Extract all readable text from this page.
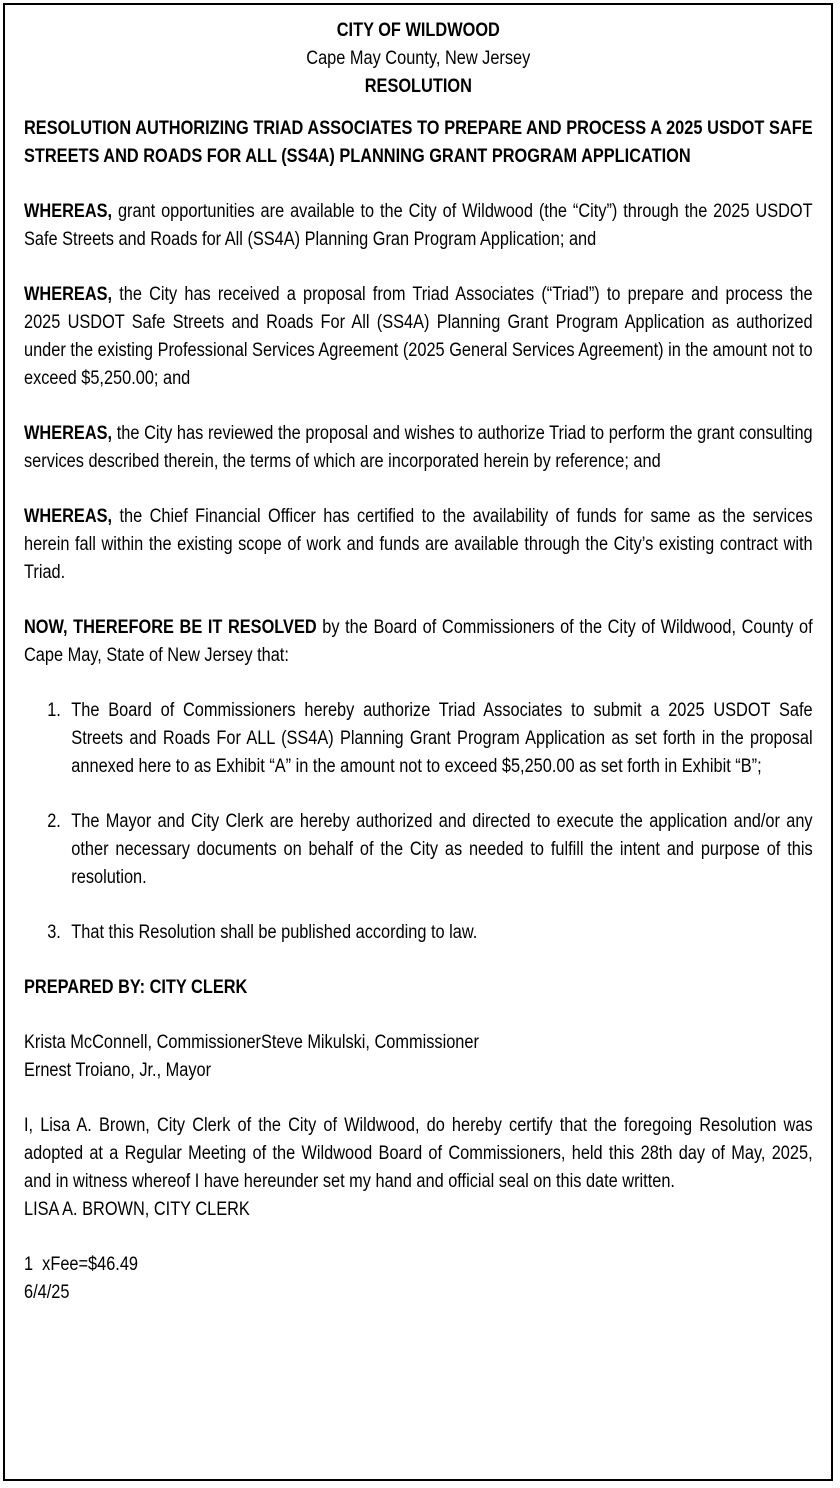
CITY OF WILDWOOD

Cape May County, New Jersey

RESOLUTION

RESOLUTION AUTHORIZING TRIAD ASSOCIATES TO PREPARE AND PROCESS A 2025 USDOT SAFE STREETS AND ROADS FOR ALL (SS4A) PLANNING GRANT PROGRAM APPLICATION

WHEREAS, grant opportunities are available to the City of Wildwood (the “City”) through the 2025 USDOT Safe Streets and Roads for All (SS4A) Planning Gran Program Application; and

WHEREAS, the City has received a proposal from Triad Associates (“Triad”) to prepare and process the 2025 USDOT Safe Streets and Roads For All (SS4A) Planning Grant Program Application as authorized under the existing Professional Services Agreement (2025 General Services Agreement) in the amount not to exceed $5,250.00; and

WHEREAS, the City has reviewed the proposal and wishes to authorize Triad to perform the grant consulting services described therein, the terms of which are incorporated herein by reference; and

WHEREAS, the Chief Financial Officer has certified to the availability of funds for same as the services herein fall within the existing scope of work and funds are available through the City’s existing contract with Triad.

NOW, THEREFORE BE IT RESOLVED by the Board of Commissioners of the City of Wildwood, County of Cape May, State of New Jersey that:

1. The Board of Commissioners hereby authorize Triad Associates to submit a 2025 USDOT Safe Streets and Roads For ALL (SS4A) Planning Grant Program Application as set forth in the proposal annexed here to as Exhibit “A” in the amount not to exceed $5,250.00 as set forth in Exhibit “B”;
2. The Mayor and City Clerk are hereby authorized and directed to execute the application and/or any other necessary documents on behalf of the City as needed to fulfill the intent and purpose of this resolution.
3. That this Resolution shall be published according to law.
PREPARED BY: CITY CLERK
Krista McConnell, CommissionerSteve Mikulski, Commissioner
Ernest Troiano, Jr., Mayor
I, Lisa A. Brown, City Clerk of the City of Wildwood, do hereby certify that the foregoing Resolution was adopted at a Regular Meeting of the Wildwood Board of Commissioners, held this 28th day of May, 2025, and in witness whereof I have hereunder set my hand and official seal on this date written.
LISA A. BROWN, CITY CLERK
1  xFee=$46.49
6/4/25
